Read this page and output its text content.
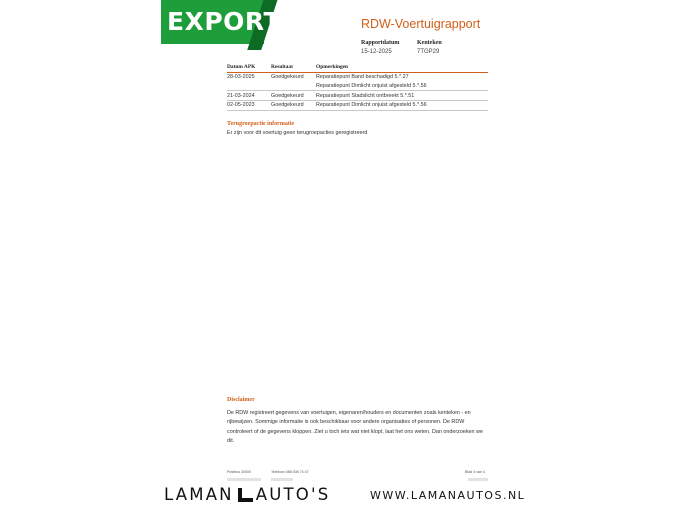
EXPORT	RDW-Voertuigrapport
Rapportdatum
15-12-2025
Kenteken
7TGP29
Datum APK	Resultaat	Opmerkingen
28-03-2025	Goedgekeurd	Reparatiepunt Band beschadigd 5.*.27
		Reparatiepunt Dimlicht onjuist afgesteld 5.*.56
21-03-2024	Goedgekeurd	Reparatiepunt Stadslicht ontbreekt 5.*.51
02-05-2023	Goedgekeurd	Reparatiepunt Dimlicht onjuist afgesteld 5.*.56
Terugroepactie informatie
Er zijn voor dit voertuig geen terugroepacties geregistreerd
Disclaimer
De RDW registreert gegevens van voertuigen, eigenaren/houders en documenten zoals kenteken - en rijbewijzen. Sommige informatie is ook beschikbaar voor andere organisaties of personen. De RDW controleert of de gegevens kloppen. Ziet u toch iets wat niet klopt, laat het ons weten. Dan onderzoeken we dit.
Postbus 30000	Telefoon 088 008 74 47	Blad 4 van 4
LAMAN AUTO'S	WWW.LAMANAUTOS.NL
